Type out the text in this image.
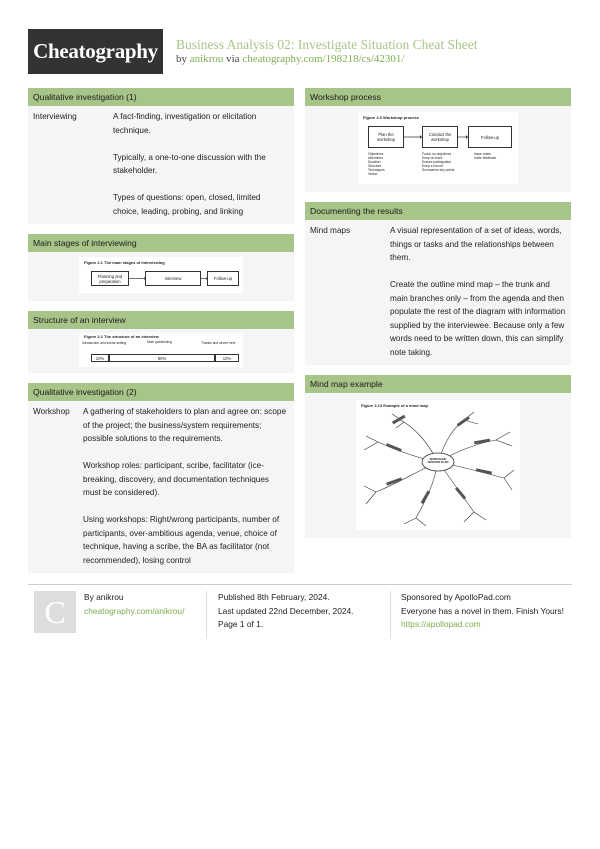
Cheatography	Business Analysis 02: Investigate Situation Cheat Sheet
by anikrou via cheatography.com/198218/cs/42301/
Qualitative investigation (1)
Interviewing	A fact-finding, investigation or elicitation technique.

Typically, a one-to-one discussion with the stakeholder.

Types of questions: open, closed, limited choice, leading, probing, and linking

Main stages of interviewing
Figure 2.1 The main stages of interviewing
Planning and preparation	Interview	Follow-up
Structure of an interview
Figure 2.2 The structure of an interview
Introduction and scene-setting	Main questioning	Thanks and where next
10%	80%	10%
Qualitative investigation (2)
Workshop	A gathering of stakeholders to plan and agree on: scope of the project; the business/system requirements; possible solutions to the requirements.

Workshop roles: participant, scribe, facilitator (ice-breaking, discovery, and documentation techniques must be considered).

Using workshops: Right/wrong participants, number of participants, over-ambitious agenda, venue, choice of technique, having a scribe, the BA as facilitator (not recommended), losing control

Workshop process
Figure 2.5 Workshop process
Plan the workshop
Conduct the workshop	Follow-up
Objectives
Attendees
Duration
Structure
Techniques
Venue
Focus on objectives
Keep on track
Ensure participation
Keep a record
Summarise key points
Issue notes
Invite feedback
Documenting the results
Mind maps	A visual representation of a set of ideas, words, things or tasks and the relationships between them.

Create the outline mind map – the trunk and main branches only – from the agenda and then populate the rest of the diagram with information supplied by the interviewee. Because only a few words need to be written down, this can simplify note taking.

Mind map example
Figure 2.13 Example of a mind map
WORKSHOP SESSION PLAN
C	By anikrou
cheatography.com/anikrou/
Published 8th February, 2024.
Last updated 22nd December, 2024.
Page 1 of 1.
Sponsored by ApolloPad.com
Everyone has a novel in them. Finish Yours!
https://apollopad.com
